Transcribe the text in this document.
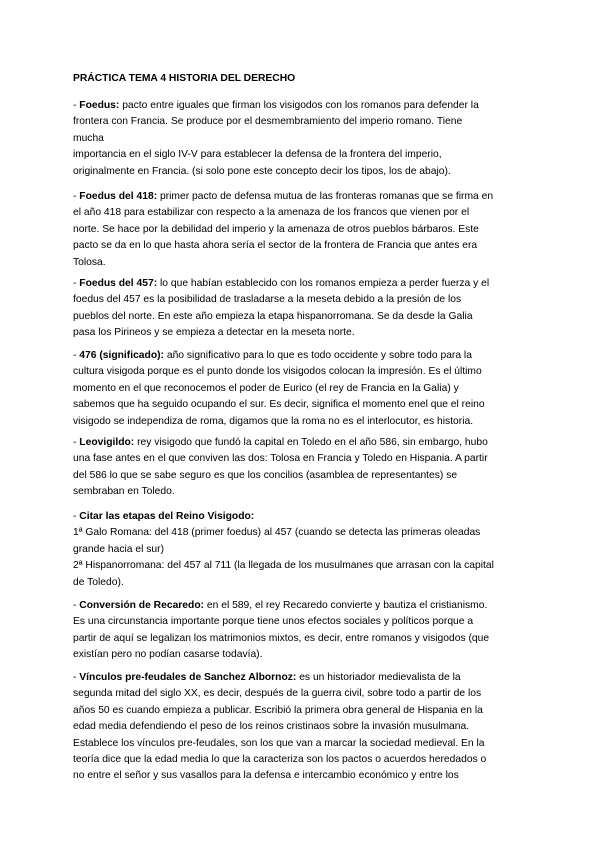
PRÁCTICA TEMA 4 HISTORIA DEL DERECHO

- Foedus: pacto entre iguales que firman los visigodos con los romanos para defender la
frontera con Francia. Se produce por el desmembramiento del imperio romano. Tiene
mucha
importancia en el siglo IV-V para establecer la defensa de la frontera del imperio,
originalmente en Francia. (si solo pone este concepto decir los tipos, los de abajo).
- Foedus del 418: primer pacto de defensa mutua de las fronteras romanas que se firma en
el año 418 para estabilizar con respecto a la amenaza de los francos que vienen por el
norte. Se hace por la debilidad del imperio y la amenaza de otros pueblos bárbaros. Este
pacto se da en lo que hasta ahora sería el sector de la frontera de Francia que antes era
Tolosa.
- Foedus del 457: lo que habían establecido con los romanos empieza a perder fuerza y el
foedus del 457 es la posibilidad de trasladarse a la meseta debido a la presión de los
pueblos del norte. En este año empieza la etapa hispanorromana. Se da desde la Galia
pasa los Pirineos y se empieza a detectar en la meseta norte.
- 476 (significado): año significativo para lo que es todo occidente y sobre todo para la
cultura visigoda porque es el punto donde los visigodos colocan la impresión. Es el último
momento en el que reconocemos el poder de Eurico (el rey de Francia en la Galia) y
sabemos que ha seguido ocupando el sur. Es decir, significa el momento enel que el reino
visigodo se independiza de roma, digamos que la roma no es el interlocutor, es historia.
- Leovigildo: rey visigodo que fundó la capital en Toledo en el año 586, sin embargo, hubo
una fase antes en el que conviven las dos: Tolosa en Francia y Toledo en Hispania. A partir
del 586 lo que se sabe seguro es que los concilios (asamblea de representantes) se
sembraban en Toledo.
- Citar las etapas del Reino Visigodo:
1ª Galo Romana: del 418 (primer foedus) al 457 (cuando se detecta las primeras oleadas
grande hacia el sur)
2ª Hispanorromana: del 457 al 711 (la llegada de los musulmanes que arrasan con la capital
de Toledo).
- Conversión de Recaredo: en el 589, el rey Recaredo convierte y bautiza el cristianismo.
Es una circunstancia importante porque tiene unos efectos sociales y políticos porque a
partir de aquí se legalizan los matrimonios mixtos, es decir, entre romanos y visigodos (que
existían pero no podían casarse todavía).
- Vínculos pre-feudales de Sanchez Albornoz: es un historiador medievalista de la
segunda mitad del siglo XX, es decir, después de la guerra civil, sobre todo a partir de los
años 50 es cuando empieza a publicar. Escribió la primera obra general de Hispania en la
edad media defendiendo el peso de los reinos cristinaos sobre la invasión musulmana.
Establece los vínculos pre-feudales, son los que van a marcar la sociedad medieval. En la
teoría dice que la edad media lo que la caracteriza son los pactos o acuerdos heredados o
no entre el señor y sus vasallos para la defensa e intercambio económico y entre los
